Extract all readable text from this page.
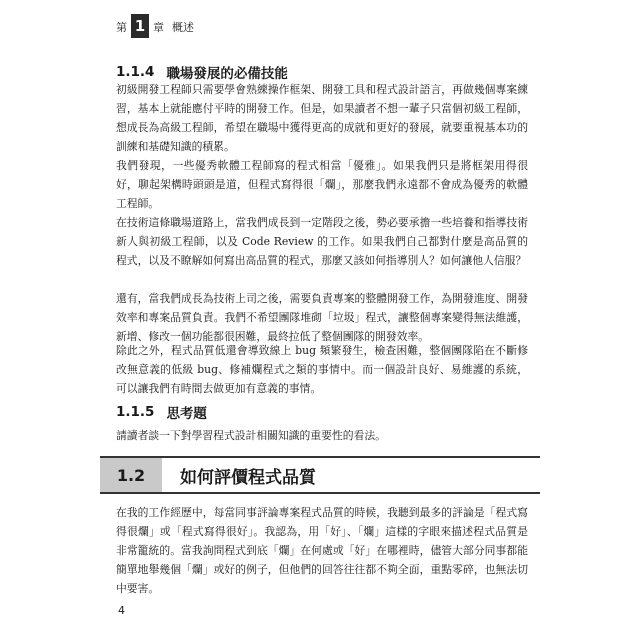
第 1 章 概述
1.1.4 職場發展的必備技能

初級開發工程師只需要學會熟練操作框架、開發工具和程式設計語言，再做幾個專案練習，基本上就能應付平時的開發工作。但是，如果讀者不想一輩子只當個初級工程師，想成長為高級工程師，希望在職場中獲得更高的成就和更好的發展，就要重視基本功的訓練和基礎知識的積累。

我們發現，一些優秀軟體工程師寫的程式相當「優雅」。如果我們只是將框架用得很好，聊起架構時頭頭是道，但程式寫得很「爛」，那麼我們永遠都不會成為優秀的軟體工程師。

在技術這條職場道路上，當我們成長到一定階段之後，勢必要承擔一些培養和指導技術新人與初級工程師，以及 Code Review 的工作。如果我們自己都對什麼是高品質的程式，以及不瞭解如何寫出高品質的程式，那麼又該如何指導別人？如何讓他人信服？

還有，當我們成長為技術上司之後，需要負責專案的整體開發工作，為開發進度、開發效率和專案品質負責。我們不希望團隊堆砌「垃圾」程式，讓整個專案變得無法維護，新增、修改一個功能都很困難，最終拉低了整個團隊的開發效率。

除此之外，程式品質低還會導致線上 bug 頻繁發生，檢查困難，整個團隊陷在不斷修改無意義的低級 bug、修補爛程式之類的事情中。而一個設計良好、易維護的系統，可以讓我們有時間去做更加有意義的事情。

1.1.5 思考題

請讀者談一下對學習程式設計相關知識的重要性的看法。

1.2	如何評價程式品質

在我的工作經歷中，每當同事評論專案程式品質的時候，我聽到最多的評論是「程式寫得很爛」或「程式寫得很好」。我認為，用「好」、「爛」這樣的字眼來描述程式品質是非常籠統的。當我詢問程式到底「爛」在何處或「好」在哪裡時，儘管大部分同事都能簡單地舉幾個「爛」或好的例子，但他們的回答往往都不夠全面，重點零碎，也無法切中要害。

4
